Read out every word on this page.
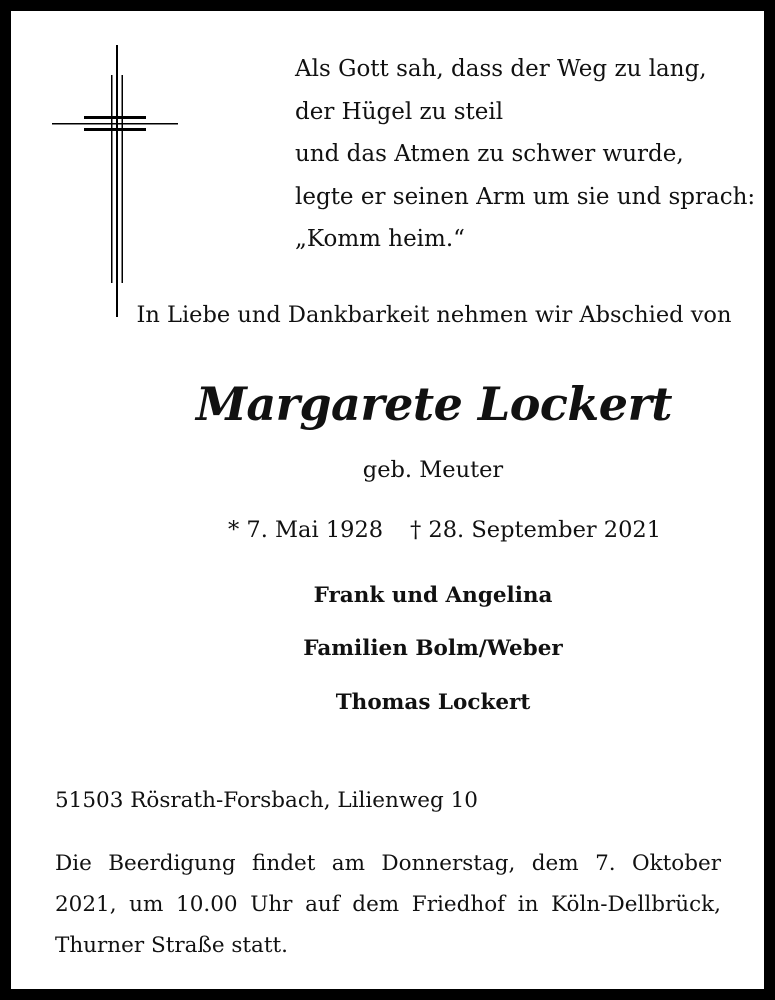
Als Gott sah, dass der Weg zu lang,
der Hügel zu steil
und das Atmen zu schwer wurde,
legte er seinen Arm um sie und sprach:
„Komm heim.“
In Liebe und Dankbarkeit nehmen wir Abschied von
Margarete Lockert
geb. Meuter
* 7. Mai 1928 † 28. September 2021
Frank und Angelina
Familien Bolm/Weber
Thomas Lockert
51503 Rösrath-Forsbach, Lilienweg 10
Die Beerdigung findet am Donnerstag, dem 7. Oktober 2021, um 10.00 Uhr auf dem Friedhof in Köln-Dellbrück, Thurner Straße statt.
